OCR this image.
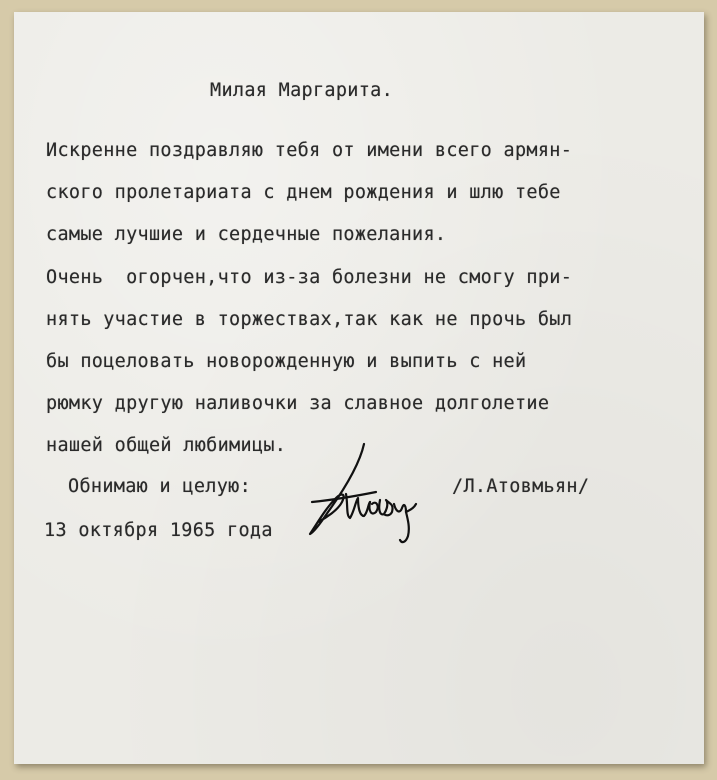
Милая Маргарита.
Искренне поздравляю тебя от имени всего армян-
ского пролетариата с днем рождения и шлю тебе
самые лучшие и сердечные пожелания.
Очень  огорчен,что из-за болезни не смогу при-
нять участие в торжествах,так как не прочь был
бы поцеловать новорожденную и выпить с ней
рюмку другую наливочки за славное долголетие
нашей общей любимицы.
Обнимаю и целую:	/Л.Атовмьян/
13 октября 1965 года
